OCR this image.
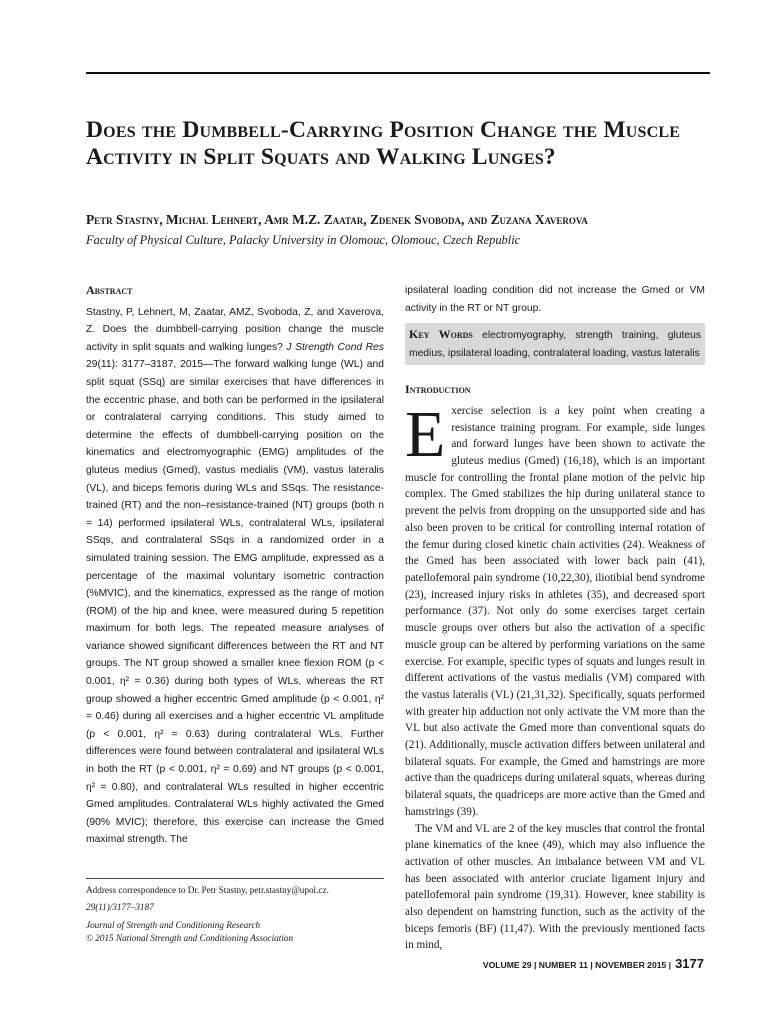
Does the Dumbbell-Carrying Position Change the Muscle Activity in Split Squats and Walking Lunges?
Petr Stastny, Michal Lehnert, Amr M.Z. Zaatar, Zdenek Svoboda, and Zuzana Xaverova
Faculty of Physical Culture, Palacky University in Olomouc, Olomouc, Czech Republic
Abstract

Stastny, P, Lehnert, M, Zaatar, AMZ, Svoboda, Z, and Xaverova, Z. Does the dumbbell-carrying position change the muscle activity in split squats and walking lunges? J Strength Cond Res 29(11): 3177–3187, 2015—The forward walking lunge (WL) and split squat (SSq) are similar exercises that have differences in the eccentric phase, and both can be performed in the ipsilateral or contralateral carrying conditions. This study aimed to determine the effects of dumbbell-carrying position on the kinematics and electromyographic (EMG) amplitudes of the gluteus medius (Gmed), vastus medialis (VM), vastus lateralis (VL), and biceps femoris during WLs and SSqs. The resistance-trained (RT) and the non–resistance-trained (NT) groups (both n = 14) performed ipsilateral WLs, contralateral WLs, ipsilateral SSqs, and contralateral SSqs in a randomized order in a simulated training session. The EMG amplitude, expressed as a percentage of the maximal voluntary isometric contraction (%MVIC), and the kinematics, expressed as the range of motion (ROM) of the hip and knee, were measured during 5 repetition maximum for both legs. The repeated measure analyses of variance showed significant differences between the RT and NT groups. The NT group showed a smaller knee flexion ROM (p < 0.001, η² = 0.36) during both types of WLs, whereas the RT group showed a higher eccentric Gmed amplitude (p < 0.001, η² = 0.46) during all exercises and a higher eccentric VL amplitude (p < 0.001, η² = 0.63) during contralateral WLs. Further differences were found between contralateral and ipsilateral WLs in both the RT (p < 0.001, η² = 0.69) and NT groups (p < 0.001, η² = 0.80), and contralateral WLs resulted in higher eccentric Gmed amplitudes. Contralateral WLs highly activated the Gmed (90% MVIC); therefore, this exercise can increase the Gmed maximal strength. The

ipsilateral loading condition did not increase the Gmed or VM activity in the RT or NT group.

Key Words electromyography, strength training, gluteus medius, ipsilateral loading, contralateral loading, vastus lateralis
Introduction

Exercise selection is a key point when creating a resistance training program. For example, side lunges and forward lunges have been shown to activate the gluteus medius (Gmed) (16,18), which is an important muscle for controlling the frontal plane motion of the pelvic hip complex. The Gmed stabilizes the hip during unilateral stance to prevent the pelvis from dropping on the unsupported side and has also been proven to be critical for controlling internal rotation of the femur during closed kinetic chain activities (24). Weakness of the Gmed has been associated with lower back pain (41), patellofemoral pain syndrome (10,22,30), iliotibial bend syndrome (23), increased injury risks in athletes (35), and decreased sport performance (37). Not only do some exercises target certain muscle groups over others but also the activation of a specific muscle group can be altered by performing variations on the same exercise. For example, specific types of squats and lunges result in different activations of the vastus medialis (VM) compared with the vastus lateralis (VL) (21,31,32). Specifically, squats performed with greater hip adduction not only activate the VM more than the VL but also activate the Gmed more than conventional squats do (21). Additionally, muscle activation differs between unilateral and bilateral squats. For example, the Gmed and hamstrings are more active than the quadriceps during unilateral squats, whereas during bilateral squats, the quadriceps are more active than the Gmed and hamstrings (39).

The VM and VL are 2 of the key muscles that control the frontal plane kinematics of the knee (49), which may also influence the activation of other muscles. An imbalance between VM and VL has been associated with anterior cruciate ligament injury and patellofemoral pain syndrome (19,31). However, knee stability is also dependent on hamstring function, such as the activity of the biceps femoris (BF) (11,47). With the previously mentioned facts in mind,

Address correspondence to Dr. Petr Stastny, petr.stastny@upol.cz.
29(11)/3177–3187
Journal of Strength and Conditioning Research
© 2015 National Strength and Conditioning Association
VOLUME 29 | NUMBER 11 | NOVEMBER 2015 | 3177
